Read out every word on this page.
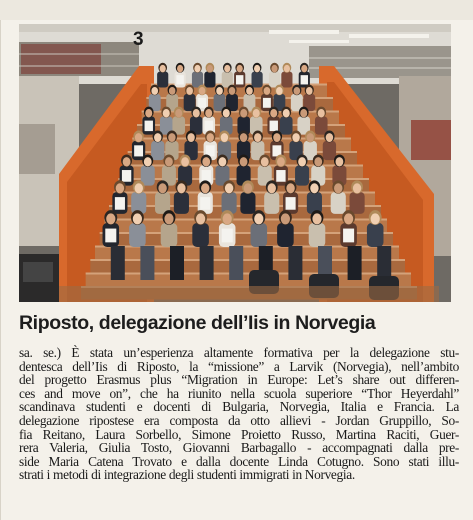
3
Riposto, delegazione dell’Iis in Norvegia
sa. se.) È stata un’esperienza altamente formativa per la delegazione stu-
dentesca dell’Iis di Riposto, la “missione” a Larvik (Norvegia), nell’ambito
del progetto Erasmus plus “Migration in Europe: Let’s share out differen-
ces and move on”, che ha riunito nella scuola superiore “Thor Heyerdahl”
scandinava studenti e docenti di Bulgaria, Norvegia, Italia e Francia. La
delegazione ripostese era composta da otto allievi - Jordan Gruppillo, So-
fia Reitano, Laura Sorbello, Simone Proietto Russo, Martina Raciti, Guer-
rera Valeria, Giulia Tosto, Giovanni Barbagallo - accompagnati dalla pre-
side Maria Catena Trovato e dalla docente Linda Cotugno. Sono stati illu-
strati i metodi di integrazione degli studenti immigrati in Norvegia.
